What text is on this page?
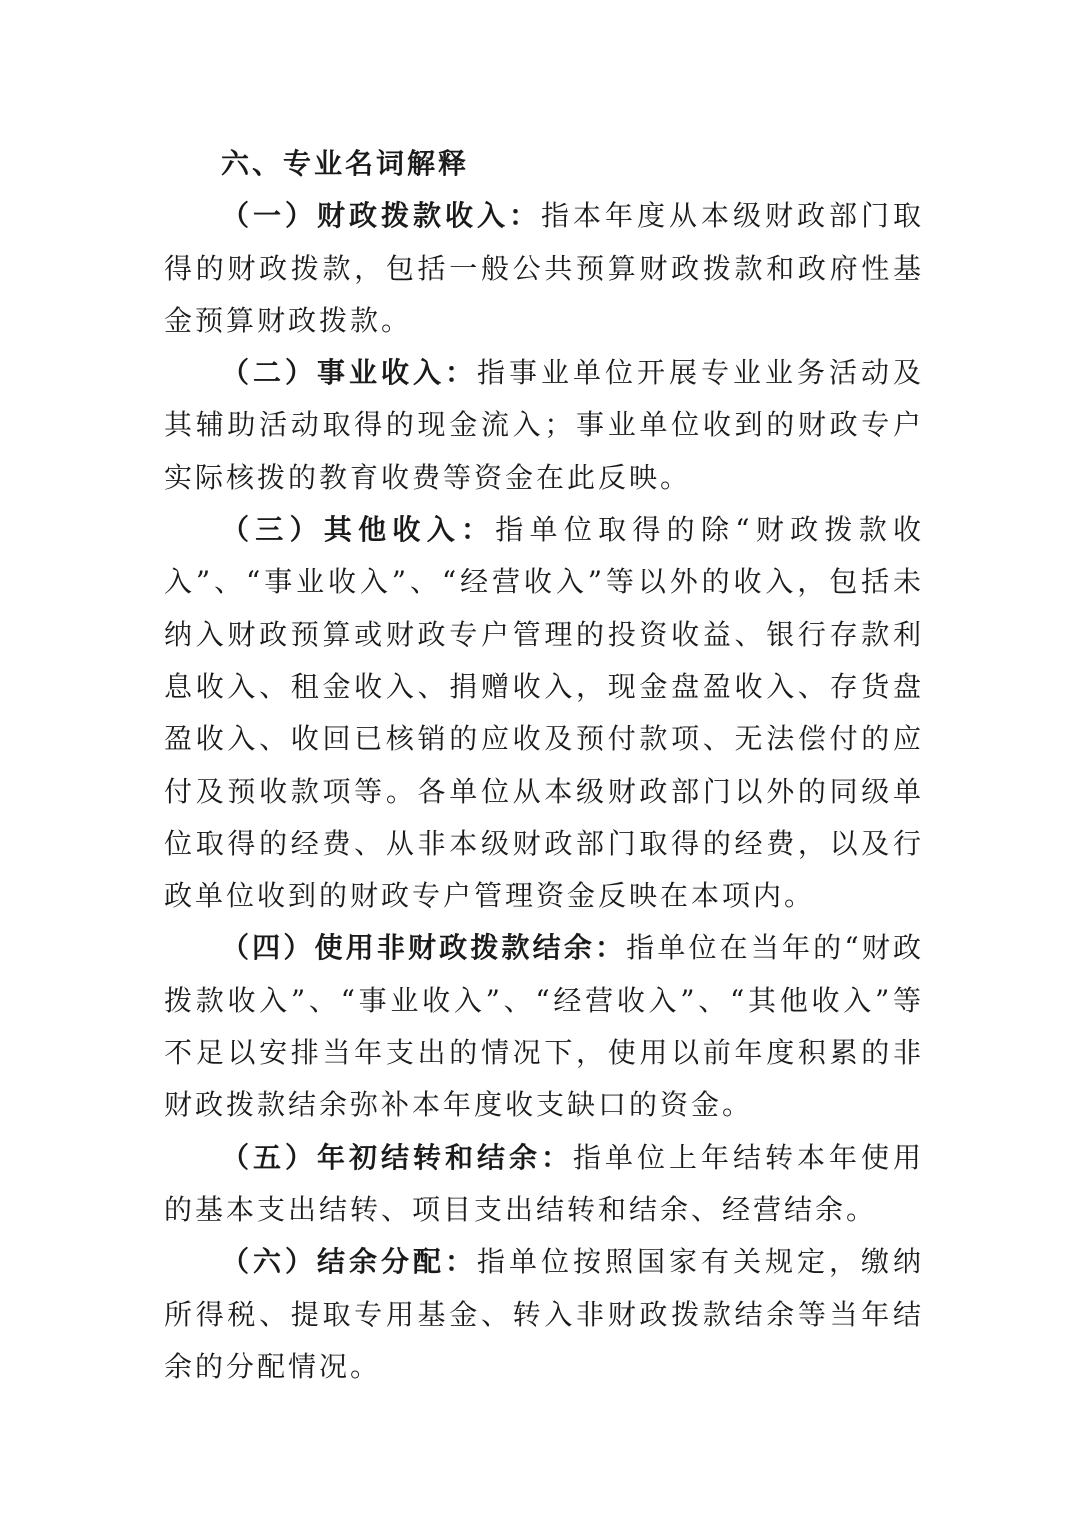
六、专业名词解释

（一）财政拨款收入：指本年度从本级财政部门取得的财政拨款，包括一般公共预算财政拨款和政府性基金预算财政拨款。

（二）事业收入：指事业单位开展专业业务活动及其辅助活动取得的现金流入；事业单位收到的财政专户实际核拨的教育收费等资金在此反映。

（三）其他收入：指单位取得的除“财政拨款收入”、“事业收入”、“经营收入”等以外的收入，包括未纳入财政预算或财政专户管理的投资收益、银行存款利息收入、租金收入、捐赠收入，现金盘盈收入、存货盘盈收入、收回已核销的应收及预付款项、无法偿付的应付及预收款项等。各单位从本级财政部门以外的同级单位取得的经费、从非本级财政部门取得的经费，以及行政单位收到的财政专户管理资金反映在本项内。

（四）使用非财政拨款结余：指单位在当年的“财政拨款收入”、“事业收入”、“经营收入”、“其他收入”等不足以安排当年支出的情况下，使用以前年度积累的非财政拨款结余弥补本年度收支缺口的资金。

（五）年初结转和结余：指单位上年结转本年使用的基本支出结转、项目支出结转和结余、经营结余。

（六）结余分配：指单位按照国家有关规定，缴纳所得税、提取专用基金、转入非财政拨款结余等当年结余的分配情况。
